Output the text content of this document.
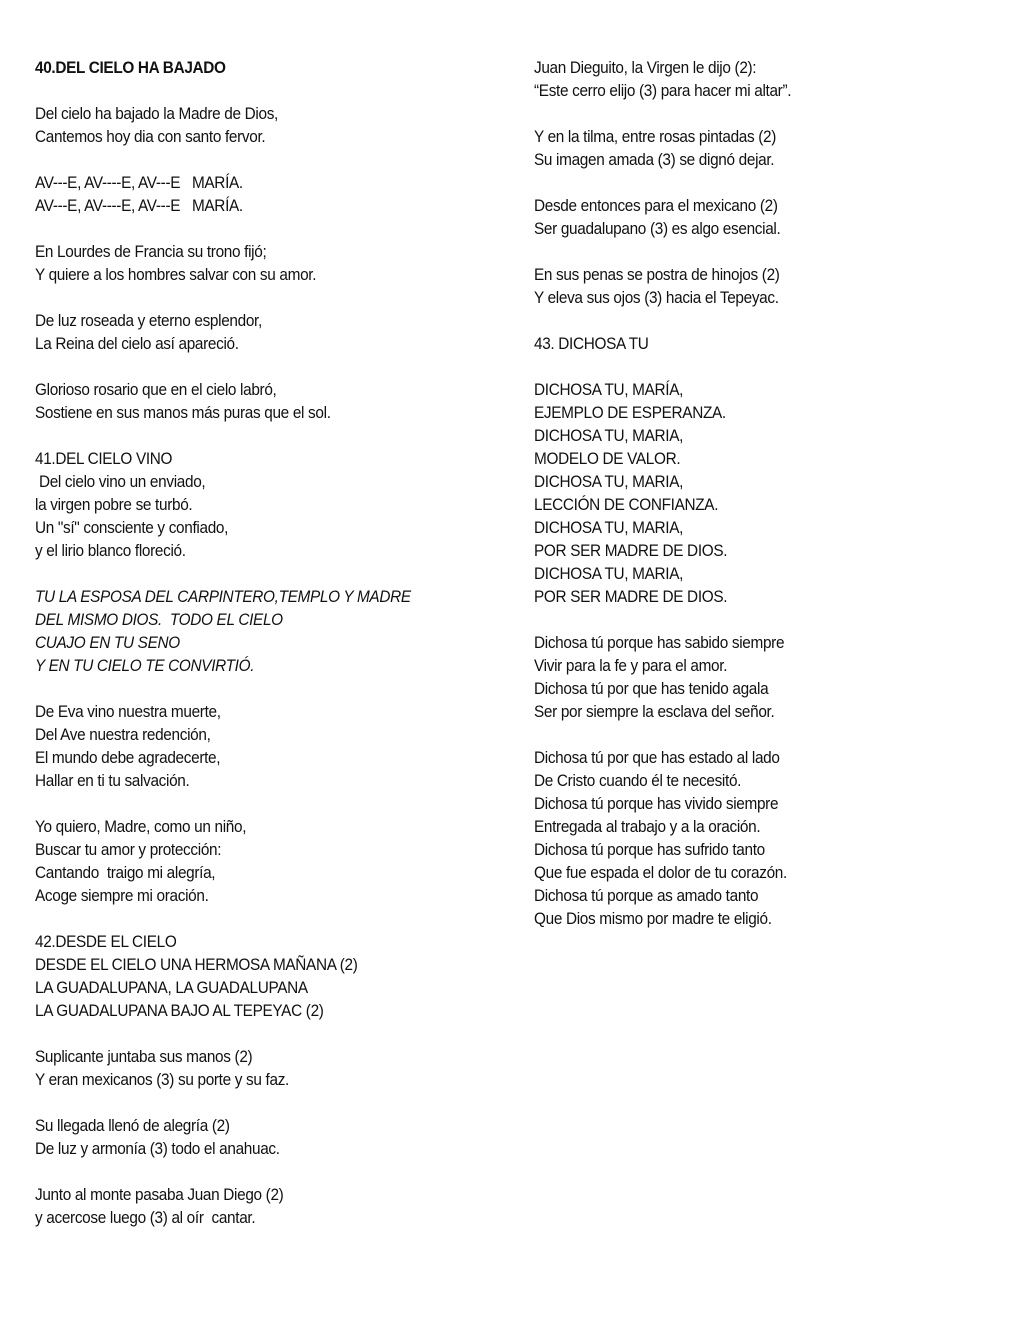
40.DEL CIELO HA BAJADO
Del cielo ha bajado la Madre de Dios,
Cantemos hoy dia con santo fervor.
AV---E, AV----E, AV---E   MARÍA.
AV---E, AV----E, AV---E   MARÍA.
En Lourdes de Francia su trono fijó;
Y quiere a los hombres salvar con su amor.
De luz roseada y eterno esplendor,
La Reina del cielo así apareció.
Glorioso rosario que en el cielo labró,
Sostiene en sus manos más puras que el sol.
41.DEL CIELO VINO
Del cielo vino un enviado,
la virgen pobre se turbó.
Un "sí" consciente y confiado,
y el lirio blanco floreció.
TU LA ESPOSA DEL CARPINTERO,TEMPLO Y MADRE
DEL MISMO DIOS.  TODO EL CIELO
CUAJO EN TU SENO
Y EN TU CIELO TE CONVIRTIÓ.
De Eva vino nuestra muerte,
Del Ave nuestra redención,
El mundo debe agradecerte,
Hallar en ti tu salvación.
Yo quiero, Madre, como un niño,
Buscar tu amor y protección:
Cantando  traigo mi alegría,
Acoge siempre mi oración.
42.DESDE EL CIELO
DESDE EL CIELO UNA HERMOSA MAÑANA (2)
LA GUADALUPANA, LA GUADALUPANA
LA GUADALUPANA BAJO AL TEPEYAC (2)
Suplicante juntaba sus manos (2)
Y eran mexicanos (3) su porte y su faz.
Su llegada llenó de alegría (2)
De luz y armonía (3) todo el anahuac.
Junto al monte pasaba Juan Diego (2)
y acercose luego (3) al oír  cantar.
Juan Dieguito, la Virgen le dijo (2):
“Este cerro elijo (3) para hacer mi altar”.
Y en la tilma, entre rosas pintadas (2)
Su imagen amada (3) se dignó dejar.
Desde entonces para el mexicano (2)
Ser guadalupano (3) es algo esencial.
En sus penas se postra de hinojos (2)
Y eleva sus ojos (3) hacia el Tepeyac.
43. DICHOSA TU
DICHOSA TU, MARÍA,
EJEMPLO DE ESPERANZA.
DICHOSA TU, MARIA,
MODELO DE VALOR.
DICHOSA TU, MARIA,
LECCIÓN DE CONFIANZA.
DICHOSA TU, MARIA,
POR SER MADRE DE DIOS.
DICHOSA TU, MARIA,
POR SER MADRE DE DIOS.
Dichosa tú porque has sabido siempre
Vivir para la fe y para el amor.
Dichosa tú por que has tenido agala
Ser por siempre la esclava del señor.
Dichosa tú por que has estado al lado
De Cristo cuando él te necesitó.
Dichosa tú porque has vivido siempre
Entregada al trabajo y a la oración.
Dichosa tú porque has sufrido tanto
Que fue espada el dolor de tu corazón.
Dichosa tú porque as amado tanto
Que Dios mismo por madre te eligió.
